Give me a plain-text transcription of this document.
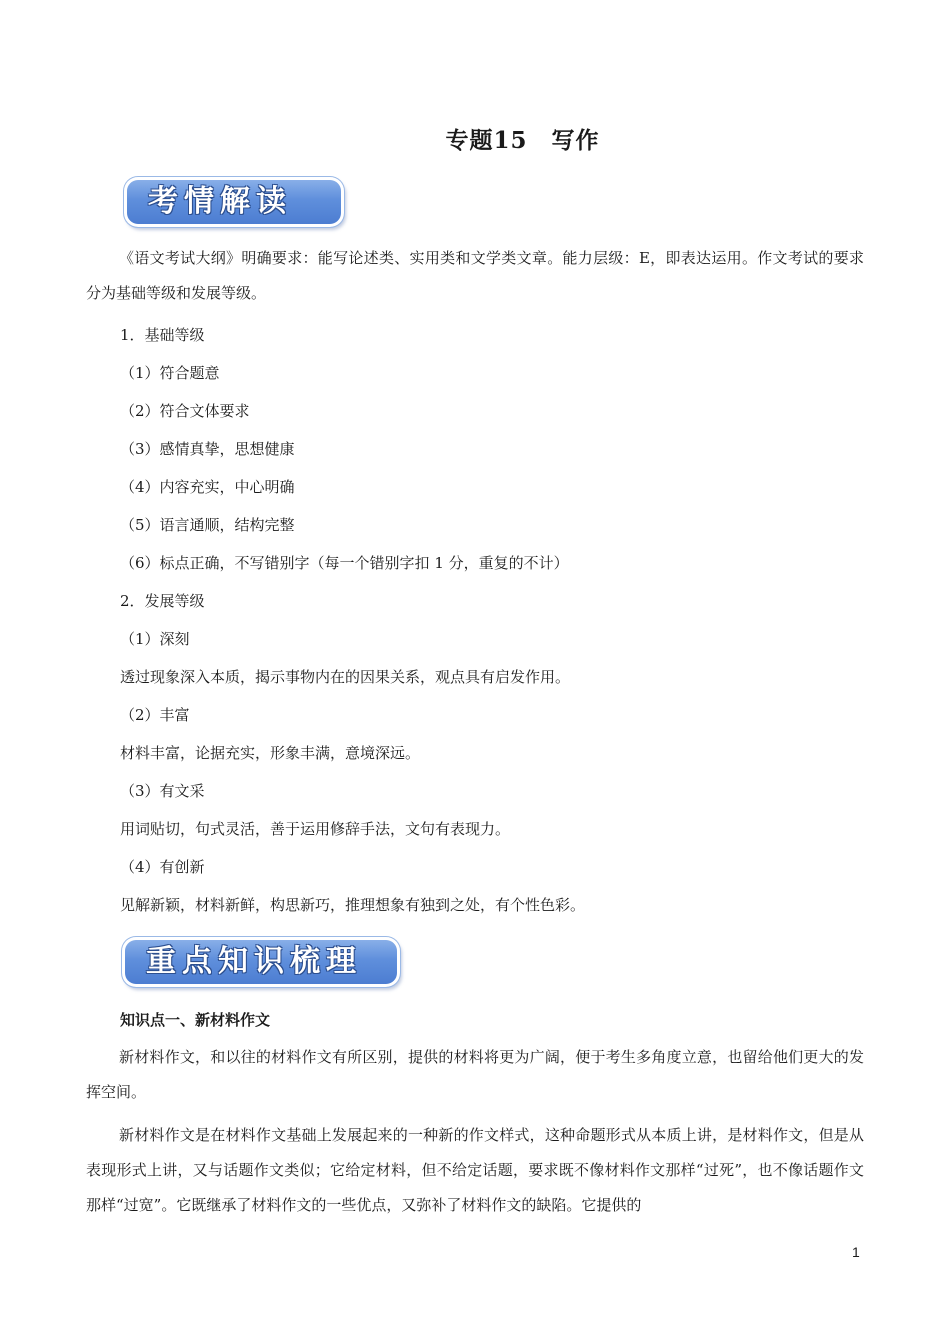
专题15　写作
考情解读
《语文考试大纲》明确要求：能写论述类、实用类和文学类文章。能力层级：E，即表达运用。作文考试的要求分为基础等级和发展等级。
1．基础等级
（1）符合题意
（2）符合文体要求
（3）感情真挚，思想健康
（4）内容充实，中心明确
（5）语言通顺，结构完整
（6）标点正确，不写错别字（每一个错别字扣 1 分，重复的不计）
2．发展等级
（1）深刻
透过现象深入本质，揭示事物内在的因果关系，观点具有启发作用。
（2）丰富
材料丰富，论据充实，形象丰满，意境深远。
（3）有文采
用词贴切，句式灵活，善于运用修辞手法，文句有表现力。
（4）有创新
见解新颖，材料新鲜，构思新巧，推理想象有独到之处，有个性色彩。
重点知识梳理
知识点一、新材料作文
新材料作文，和以往的材料作文有所区别，提供的材料将更为广阔，便于考生多角度立意，也留给他们更大的发挥空间。
新材料作文是在材料作文基础上发展起来的一种新的作文样式，这种命题形式从本质上讲，是材料作文，但是从表现形式上讲，又与话题作文类似；它给定材料，但不给定话题，要求既不像材料作文那样“过死”，也不像话题作文那样“过宽”。它既继承了材料作文的一些优点，又弥补了材料作文的缺陷。它提供的
1
